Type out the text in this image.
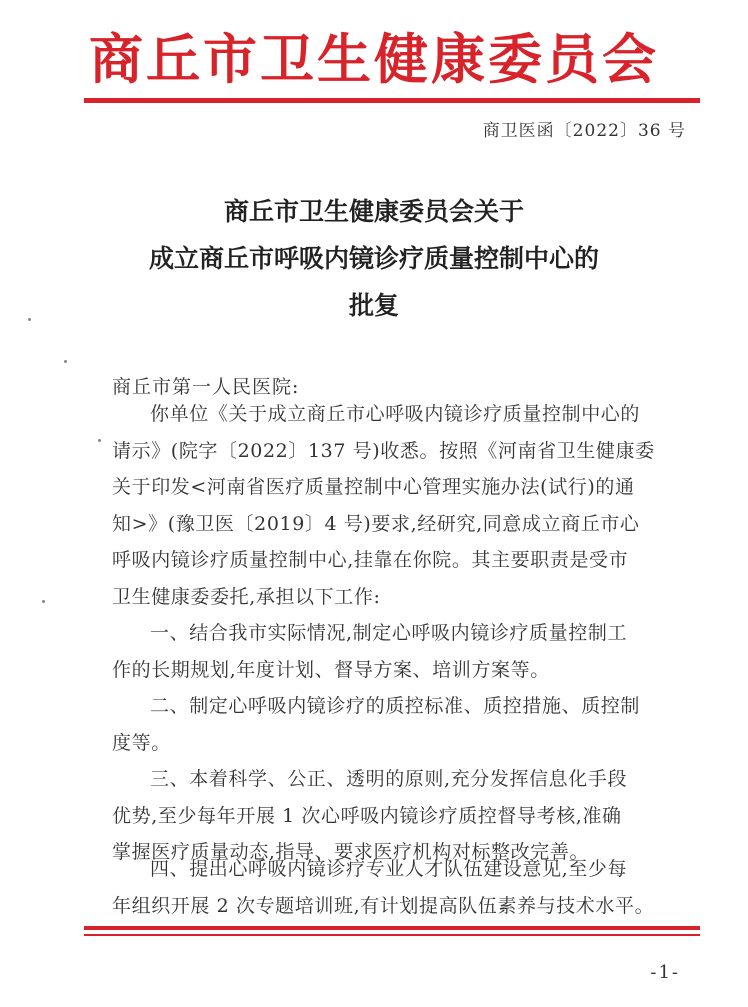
商丘市卫生健康委员会
商卫医函〔2022〕36 号
商丘市卫生健康委员会关于
成立商丘市呼吸内镜诊疗质量控制中心的
批复
商丘市第一人民医院:
你单位《关于成立商丘市心呼吸内镜诊疗质量控制中心的
请示》(院字〔2022〕137 号)收悉。按照《河南省卫生健康委
关于印发<河南省医疗质量控制中心管理实施办法(试行)的通
知>》(豫卫医〔2019〕4 号)要求,经研究,同意成立商丘市心
呼吸内镜诊疗质量控制中心,挂靠在你院。其主要职责是受市
卫生健康委委托,承担以下工作:
一、结合我市实际情况,制定心呼吸内镜诊疗质量控制工
作的长期规划,年度计划、督导方案、培训方案等。
二、制定心呼吸内镜诊疗的质控标准、质控措施、质控制
度等。
三、本着科学、公正、透明的原则,充分发挥信息化手段
优势,至少每年开展 1 次心呼吸内镜诊疗质控督导考核,准确
掌握医疗质量动态,指导、要求医疗机构对标整改完善。
四、提出心呼吸内镜诊疗专业人才队伍建设意见,至少每
年组织开展 2 次专题培训班,有计划提高队伍素养与技术水平。
-1-
